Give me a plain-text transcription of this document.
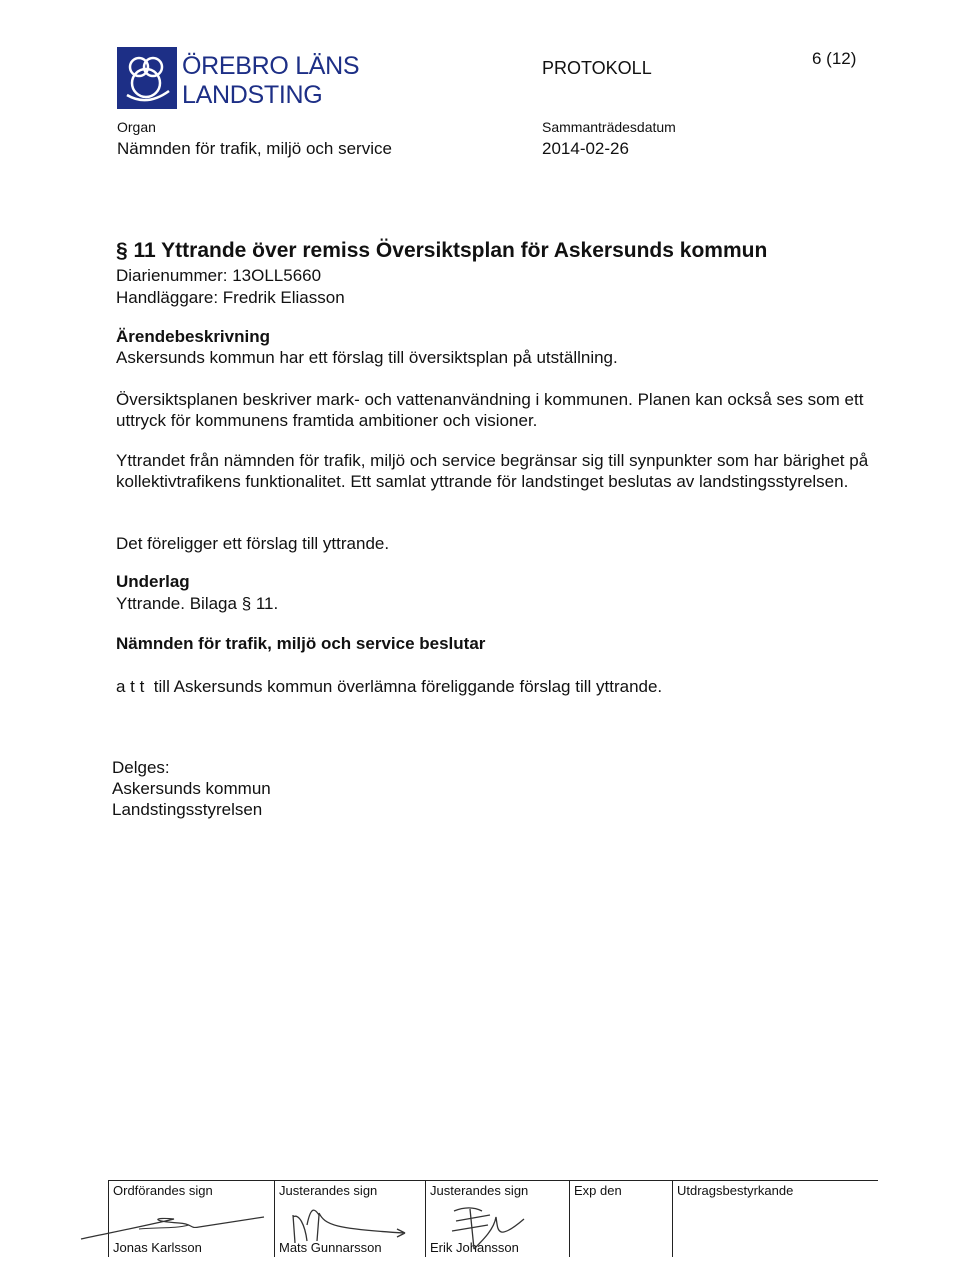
ÖREBRO LÄNS
LANDSTING
PROTOKOLL	6 (12)
Organ
Nämnden för trafik, miljö och service
Sammanträdesdatum
2014-02-26
§ 11 Yttrande över remiss Översiktsplan för Askersunds kommun
Diarienummer: 13OLL5660
Handläggare: Fredrik Eliasson
Ärendebeskrivning
Askersunds kommun har ett förslag till översiktsplan på utställning.
Översiktsplanen beskriver mark- och vattenanvändning i kommunen. Planen kan också ses som ett uttryck för kommunens framtida ambitioner och visioner.
Yttrandet från nämnden för trafik, miljö och service begränsar sig till synpunkter som har bärighet på kollektivtrafikens funktionalitet. Ett samlat yttrande för landstinget beslutas av landstingsstyrelsen.
Det föreligger ett förslag till yttrande.
Underlag
Yttrande. Bilaga § 11.
Nämnden för trafik, miljö och service beslutar
a t t  till Askersunds kommun överlämna föreliggande förslag till yttrande.
Delges:
Askersunds kommun
Landstingsstyrelsen
Ordförandes sign
Jonas Karlsson
Justerandes sign
Mats Gunnarsson
Justerandes sign
Erik Johansson
Exp den	Utdragsbestyrkande
